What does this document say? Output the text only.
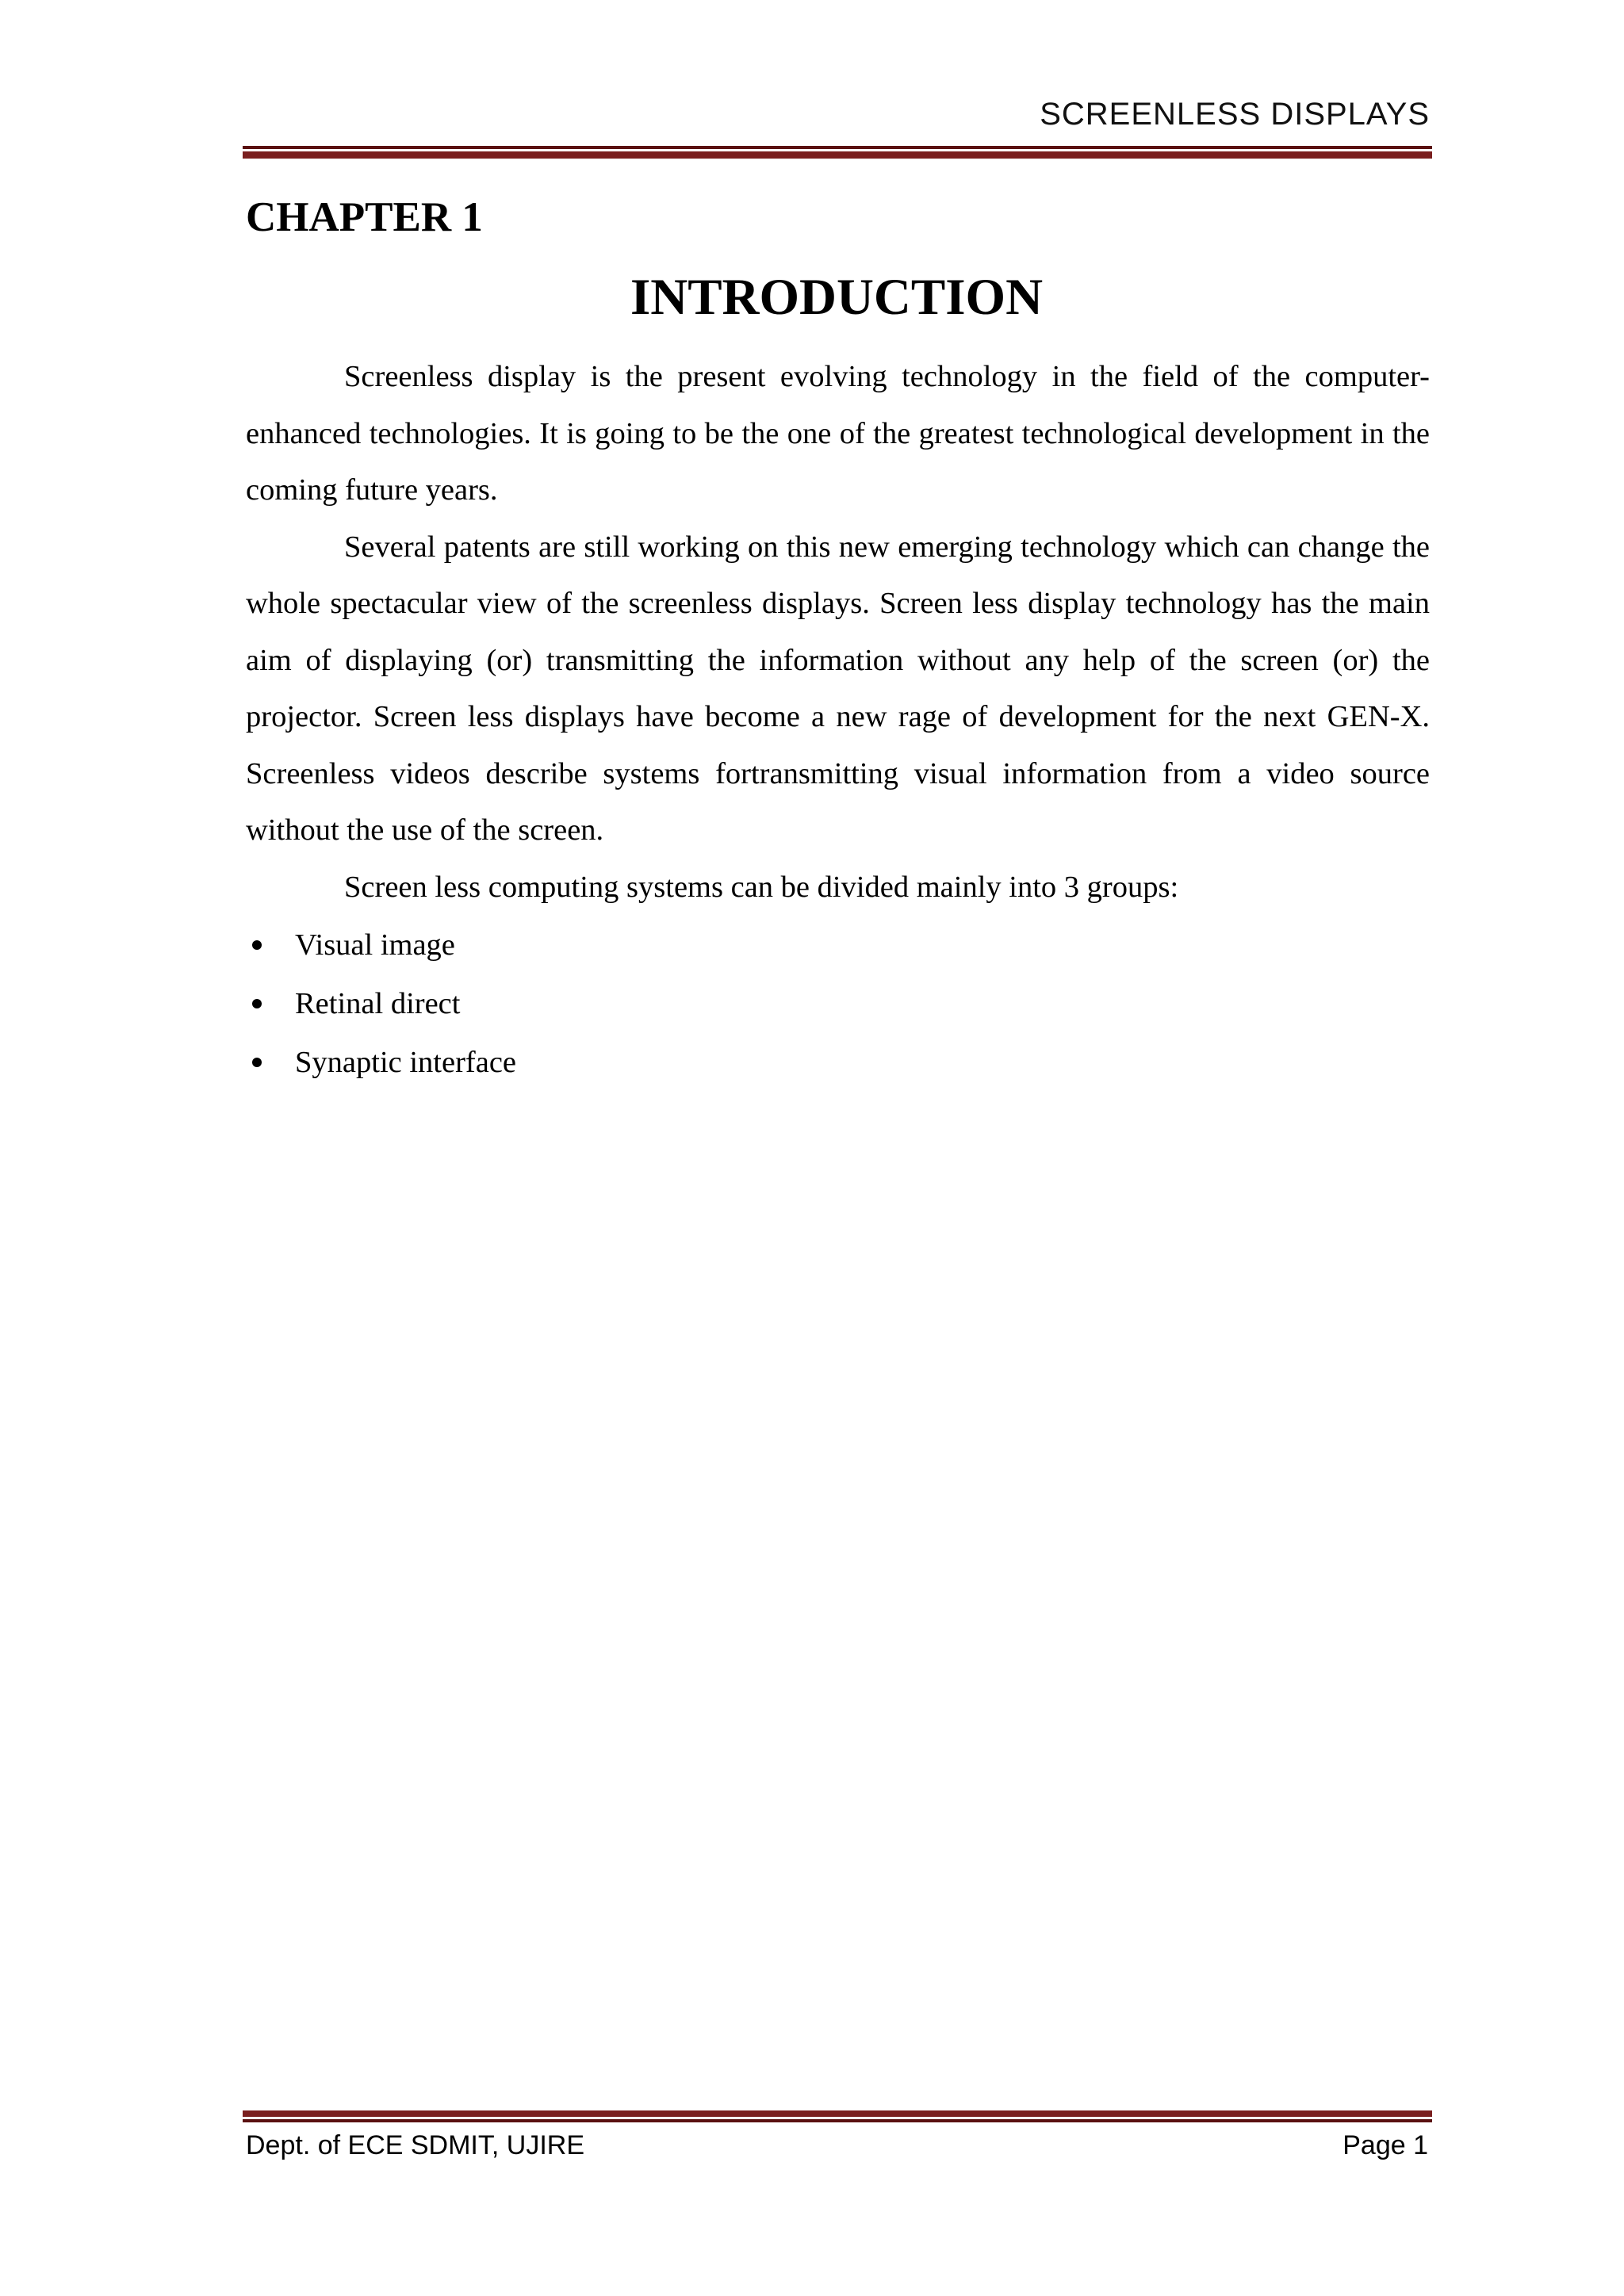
SCREENLESS DISPLAYS
CHAPTER 1
INTRODUCTION

Screenless display is the present evolving technology in the field of the computer-enhanced technologies. It is going to be the one of the greatest technological development in the coming future years.

Several patents are still working on this new emerging technology which can change the whole spectacular view of the screenless displays. Screen less display technology has the main aim of displaying (or) transmitting the information without any help of the screen (or) the projector. Screen less displays have become a new rage of development for the next GEN-X. Screenless videos describe systems fortransmitting visual information from a video source without the use of the screen.

Screen less computing systems can be divided mainly into 3 groups:

Visual image
Retinal direct
Synaptic interface
Dept. of ECE SDMIT, UJIRE	Page 1
